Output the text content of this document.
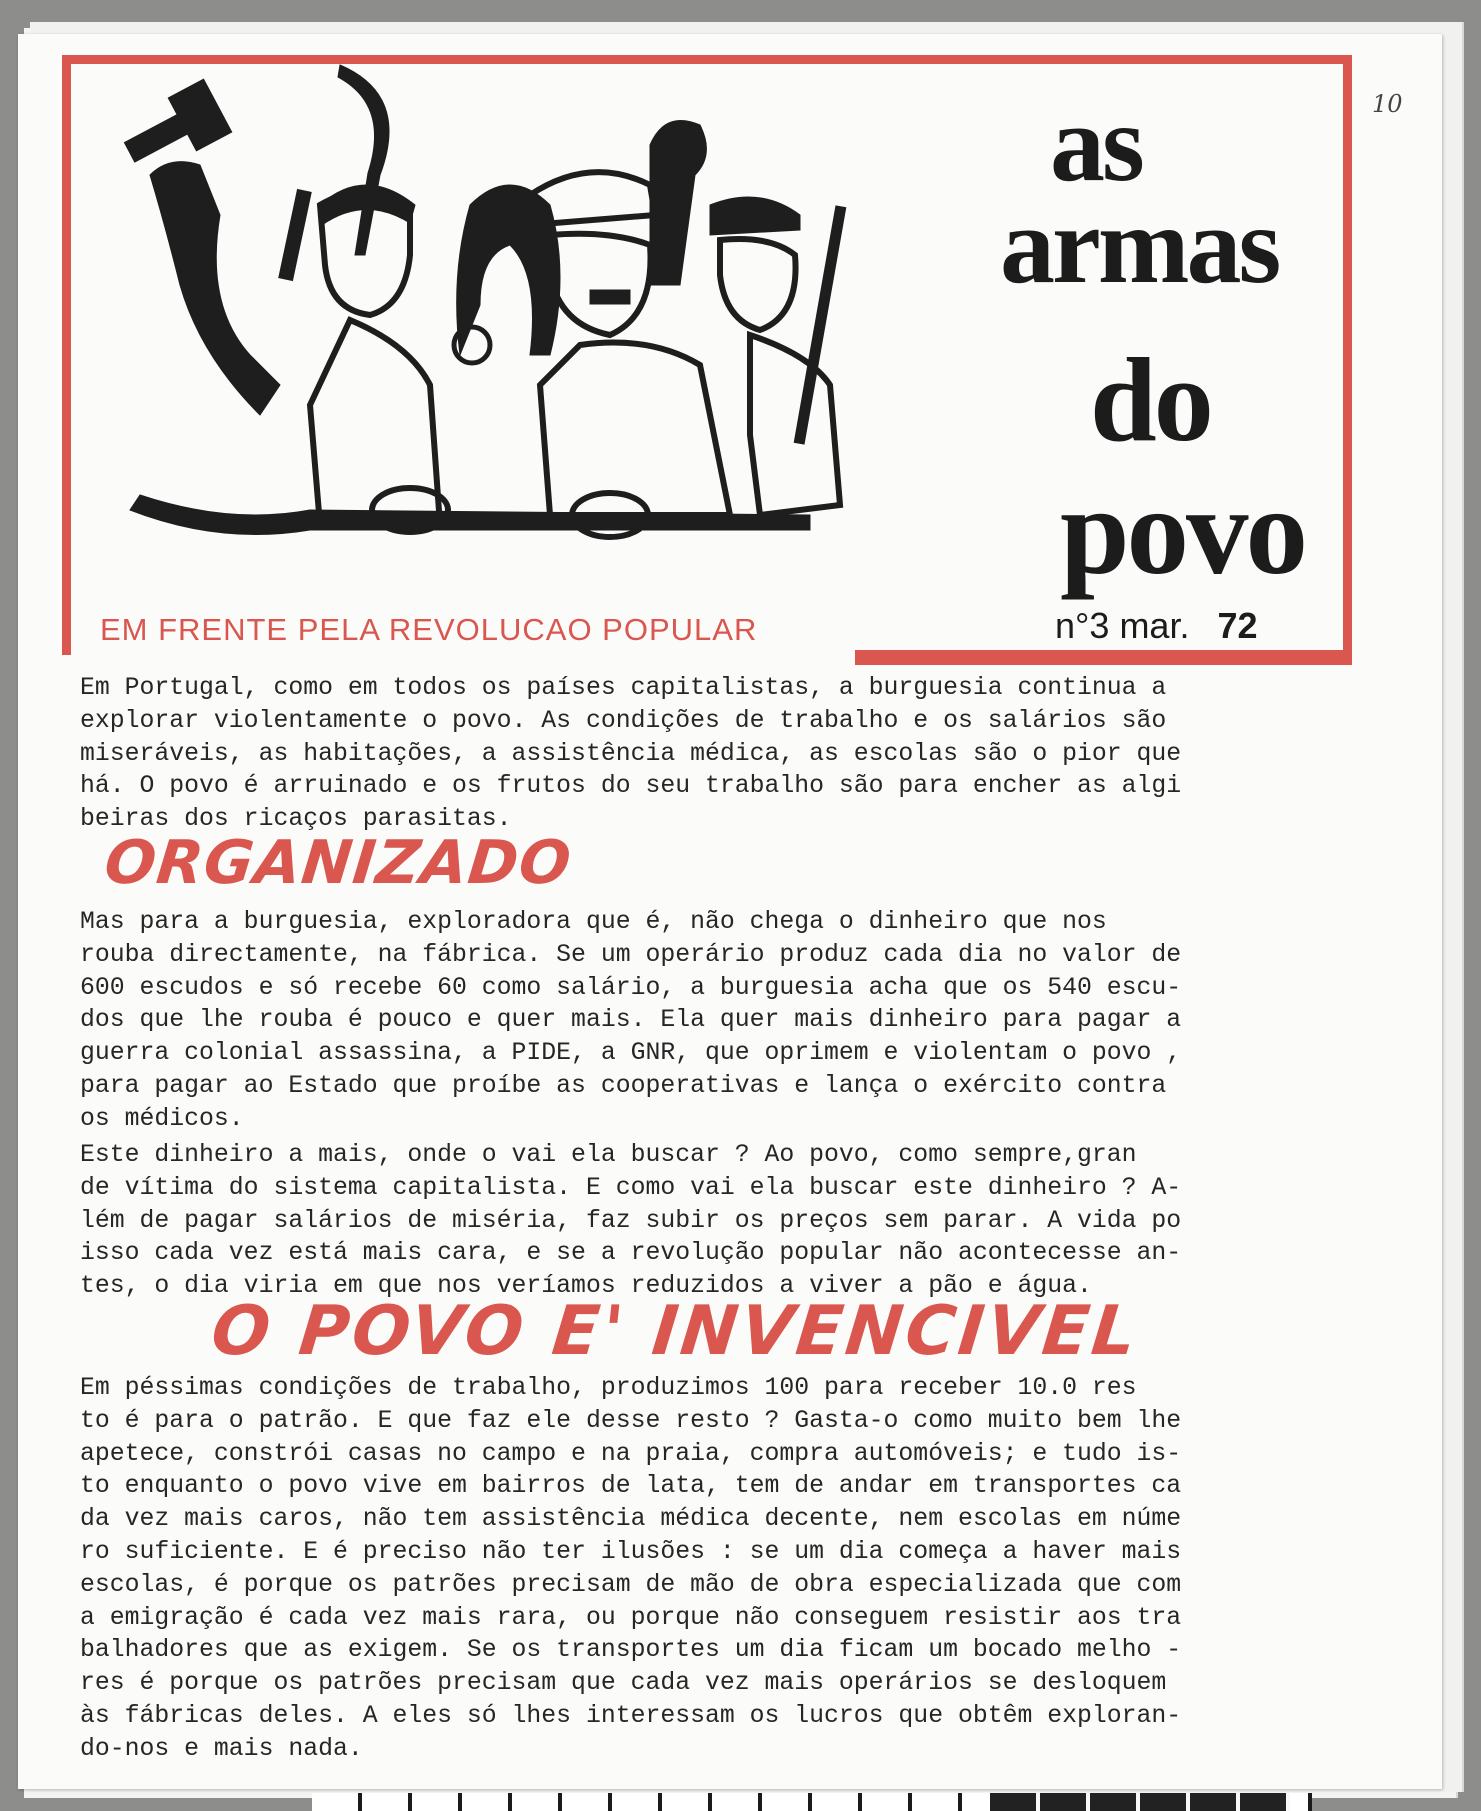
as
armas
do
povo
n°3 mar. 72
EM FRENTE PELA REVOLUCAO POPULAR
10
Em Portugal, como em todos os países capitalistas, a burguesia continua a
explorar violentamente o povo. As condições de trabalho e os salários são
miseráveis, as habitações, a assistência médica, as escolas são o pior que
há. O povo é arruinado e os frutos do seu trabalho são para encher as algi
beiras dos ricaços parasitas.
ORGANIZADO
Mas para a burguesia, exploradora que é, não chega o dinheiro que nos
rouba directamente, na fábrica. Se um operário produz cada dia no valor de
600 escudos e só recebe 60 como salário, a burguesia acha que os 540 escu-
dos que lhe rouba é pouco e quer mais. Ela quer mais dinheiro para pagar a
guerra colonial assassina, a PIDE, a GNR, que oprimem e violentam o povo ,
para pagar ao Estado que proíbe as cooperativas e lança o exército contra
os médicos.
Este dinheiro a mais, onde o vai ela buscar ? Ao povo, como sempre,gran
de vítima do sistema capitalista. E como vai ela buscar este dinheiro ? A-
lém de pagar salários de miséria, faz subir os preços sem parar. A vida po
isso cada vez está mais cara, e se a revolução popular não acontecesse an-
tes, o dia viria em que nos veríamos reduzidos a viver a pão e água.
O POVO E' INVENCIVEL
Em péssimas condições de trabalho, produzimos 100 para receber 10.0 res
to é para o patrão. E que faz ele desse resto ? Gasta-o como muito bem lhe
apetece, constrói casas no campo e na praia, compra automóveis; e tudo is-
to enquanto o povo vive em bairros de lata, tem de andar em transportes ca
da vez mais caros, não tem assistência médica decente, nem escolas em núme
ro suficiente. E é preciso não ter ilusões : se um dia começa a haver mais
escolas, é porque os patrões precisam de mão de obra especializada que com
a emigração é cada vez mais rara, ou porque não conseguem resistir aos tra
balhadores que as exigem. Se os transportes um dia ficam um bocado melho -
res é porque os patrões precisam que cada vez mais operários se desloquem
às fábricas deles. A eles só lhes interessam os lucros que obtêm exploran-
do-nos e mais nada.
